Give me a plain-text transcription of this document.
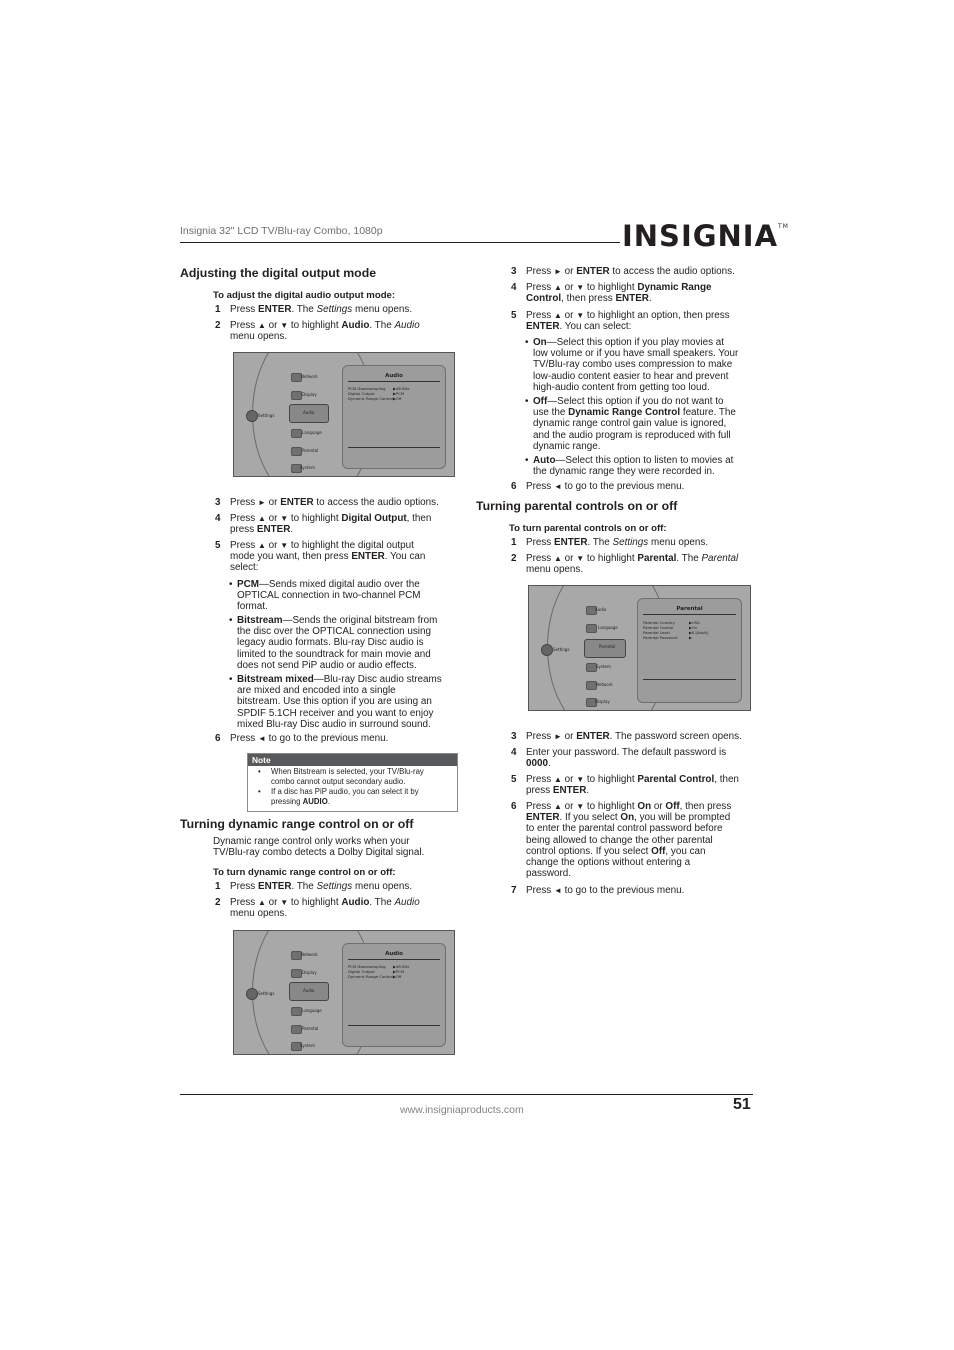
Insignia 32" LCD TV/Blu-ray Combo, 1080p	INSIGNIA™
Adjusting the digital output mode
To adjust the digital audio output mode:
1 Press ENTER. The Settings menu opens.
2 Press ▲ or ▼ to highlight Audio. The Audio
menu opens.
Settings
Network
Display
Audio
Language
Parental
System
Audio
PCM Downsampling ▶48 KHz
Digital Output	▶PCM
Dynamic Range Control ▶Off
3 Press ► or ENTER to access the audio options.
4 Press ▲ or ▼ to highlight Digital Output, then
press ENTER.
5 Press ▲ or ▼ to highlight the digital output
mode you want, then press ENTER. You can
select:
• PCM—Sends mixed digital audio over the
OPTICAL connection in two-channel PCM
format.
• Bitstream—Sends the original bitstream from
the disc over the OPTICAL connection using
legacy audio formats. Blu-ray Disc audio is
limited to the soundtrack for main movie and
does not send PiP audio or audio effects.
• Bitstream mixed—Blu-ray Disc audio streams
are mixed and encoded into a single
bitstream. Use this option if you are using an
SPDIF 5.1CH receiver and you want to enjoy
mixed Blu-ray Disc audio in surround sound.
6 Press ◄ to go to the previous menu.
Note
• When Bitstream is selected, your TV/Blu-ray
combo cannot output secondary audio.
• If a disc has PiP audio, you can select it by
pressing AUDIO.
Turning dynamic range control on or off
Dynamic range control only works when your
TV/Blu-ray combo detects a Dolby Digital signal.
To turn dynamic range control on or off:
1 Press ENTER. The Settings menu opens.
2 Press ▲ or ▼ to highlight Audio. The Audio
menu opens.
Settings
Network
Display
Audio
Language
Parental
System
Audio
PCM Downsampling ▶48 KHz
Digital Output	▶PCM
Dynamic Range Control ▶Off
3 Press ► or ENTER to access the audio options.
4 Press ▲ or ▼ to highlight Dynamic Range
Control, then press ENTER.
5 Press ▲ or ▼ to highlight an option, then press
ENTER. You can select:
• On—Select this option if you play movies at
low volume or if you have small speakers. Your
TV/Blu-ray combo uses compression to make
low-audio content easier to hear and prevent
high-audio content from getting too loud.
• Off—Select this option if you do not want to
use the Dynamic Range Control feature. The
dynamic range control gain value is ignored,
and the audio program is reproduced with full
dynamic range.
• Auto—Select this option to listen to movies at
the dynamic range they were recorded in.
6 Press ◄ to go to the previous menu.
Turning parental controls on or off
To turn parental controls on or off:
1 Press ENTER. The Settings menu opens.
2 Press ▲ or ▼ to highlight Parental. The Parental
menu opens.
Settings
Audio
Language
Parental
System
Network
Display
Parental
Parental Country	▶USA
Parental Control	▶On
Parental Level	▶8 [Adult]
Parental Password	▶
3 Press ► or ENTER. The password screen opens.
4 Enter your password. The default password is
0000.
5 Press ▲ or ▼ to highlight Parental Control, then
press ENTER.
6 Press ▲ or ▼ to highlight On or Off, then press
ENTER. If you select On, you will be prompted
to enter the parental control password before
being allowed to change the other parental
control options. If you select Off, you can
change the options without entering a
password.
7 Press ◄ to go to the previous menu.
www.insigniaproducts.com	51
